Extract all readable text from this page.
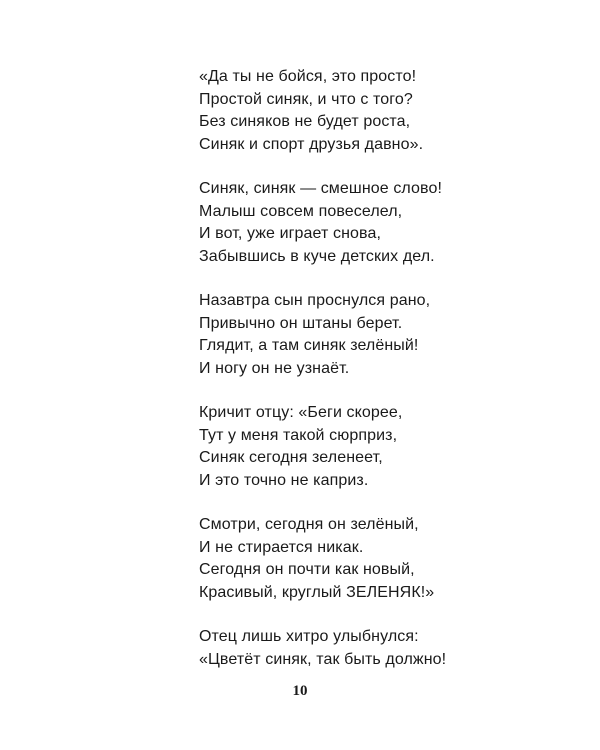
«Да ты не бойся, это просто!
Простой синяк, и что с того?
Без синяков не будет роста,
Синяк и спорт друзья давно».
Синяк, синяк — смешное слово!
Малыш совсем повеселел,
И вот, уже играет снова,
Забывшись в куче детских дел.
Назавтра сын проснулся рано,
Привычно он штаны берет.
Глядит, а там синяк зелёный!
И ногу он не узнаёт.
Кричит отцу: «Беги скорее,
Тут у меня такой сюрприз,
Синяк сегодня зеленеет,
И это точно не каприз.
Смотри, сегодня он зелёный,
И не стирается никак.
Сегодня он почти как новый,
Красивый, круглый ЗЕЛЕНЯК!»
Отец лишь хитро улыбнулся:
«Цветёт синяк, так быть должно!
10
